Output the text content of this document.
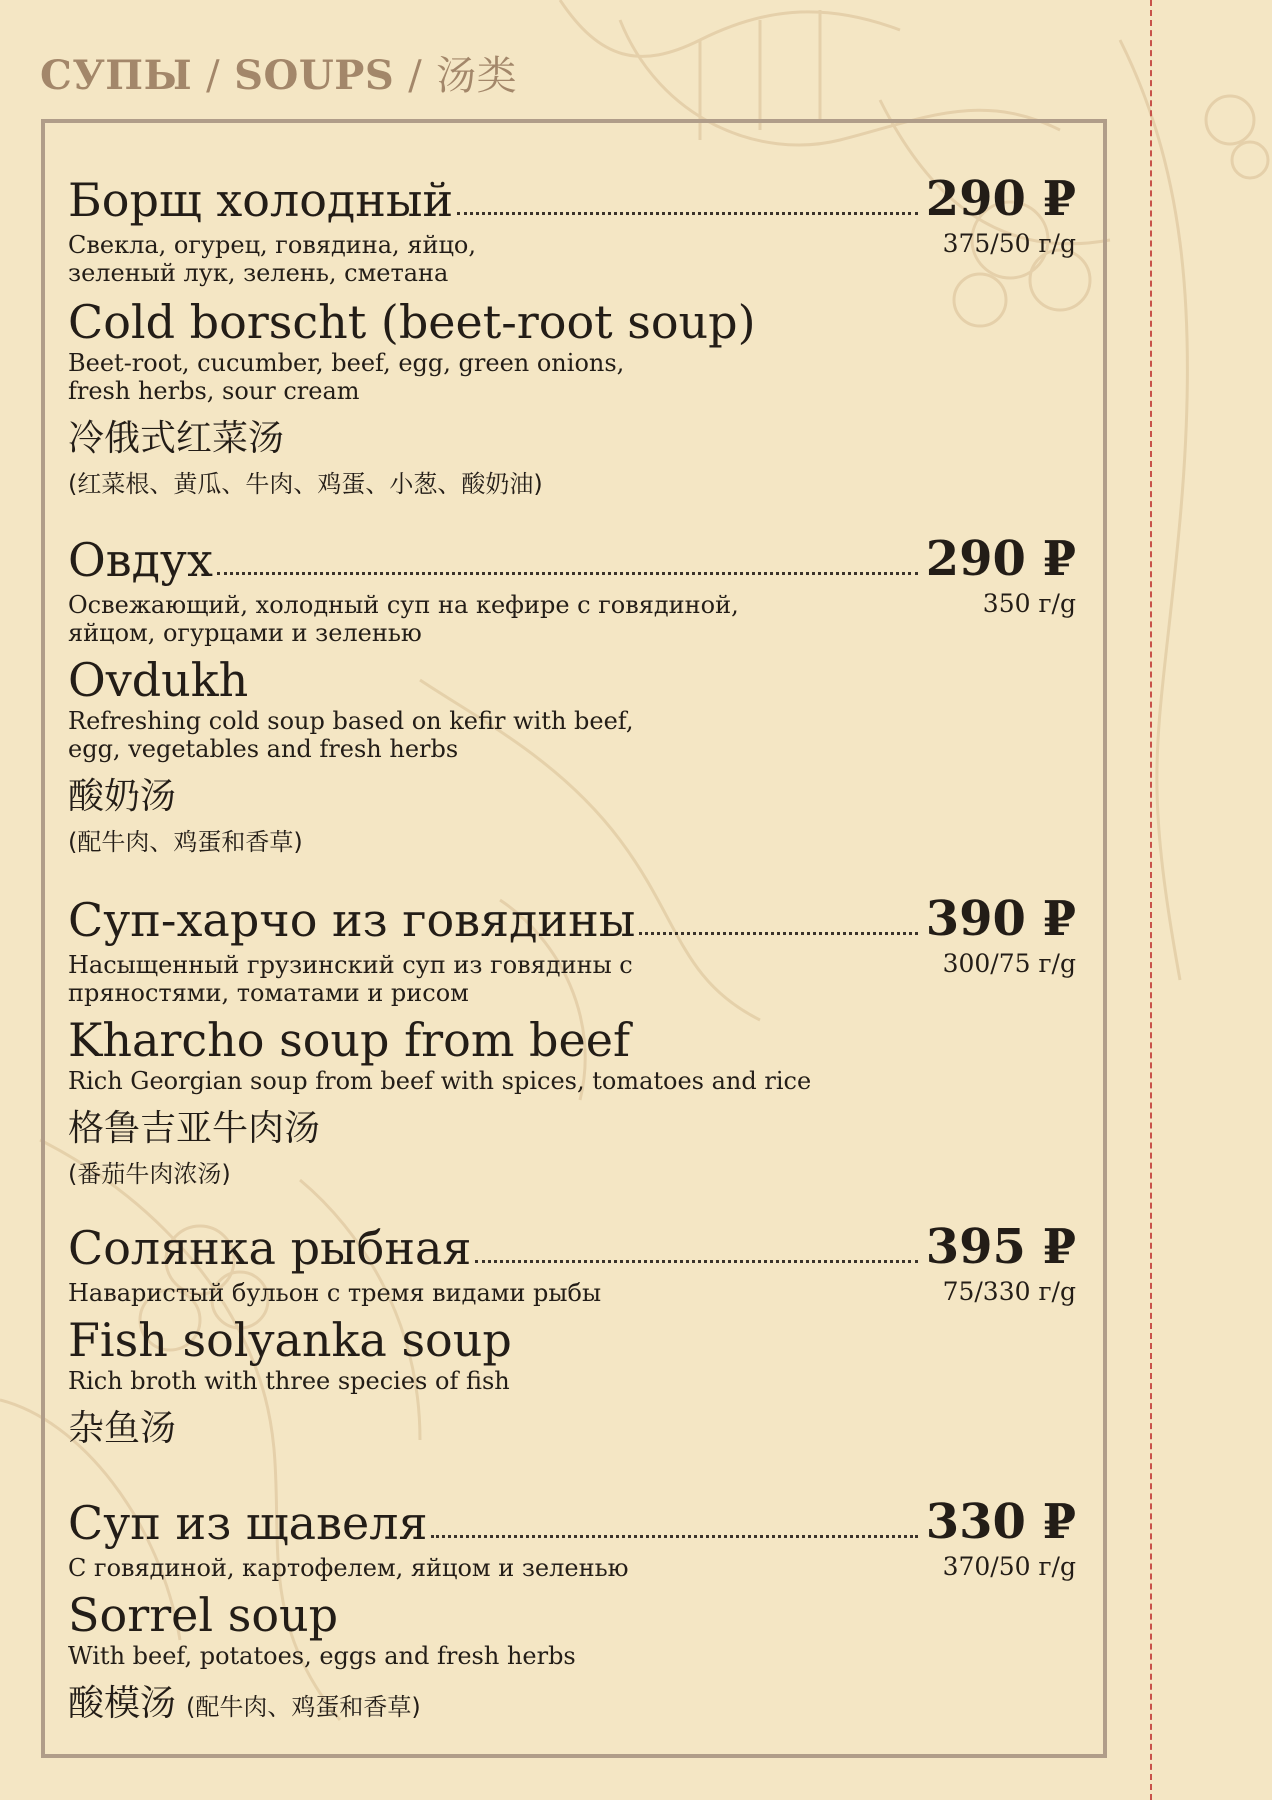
СУПЫ / SOUPS / 汤类
Борщ холодный	290 ₽
Свекла, огурец, говядина, яйцо, зеленый лук, зелень, сметана
375/50 г/g
Cold borscht (beet-root soup)
Beet-root, cucumber, beef, egg, green onions, fresh herbs, sour cream
冷俄式红菜汤
(红菜根、黄瓜、牛肉、鸡蛋、小葱、酸奶油)
Овдух	290 ₽
Освежающий, холодный суп на кефире с говядиной, яйцом, огурцами и зеленью
350 г/g
Ovdukh
Refreshing cold soup based on kefir with beef, egg, vegetables and fresh herbs
酸奶汤
(配牛肉、鸡蛋和香草)
Суп-харчо из говядины	390 ₽
Насыщенный грузинский суп из говядины с пряностями, томатами и рисом
300/75 г/g
Kharcho soup from beef
Rich Georgian soup from beef with spices, tomatoes and rice
格鲁吉亚牛肉汤
(番茄牛肉浓汤)
Солянка рыбная	395 ₽
Наваристый бульон с тремя видами рыбы	75/330 г/g
Fish solyanka soup
Rich broth with three species of fish
杂鱼汤
Суп из щавеля	330 ₽
С говядиной, картофелем, яйцом и зеленью	370/50 г/g
Sorrel soup
With beef, potatoes, eggs and fresh herbs
酸模汤 (配牛肉、鸡蛋和香草)
